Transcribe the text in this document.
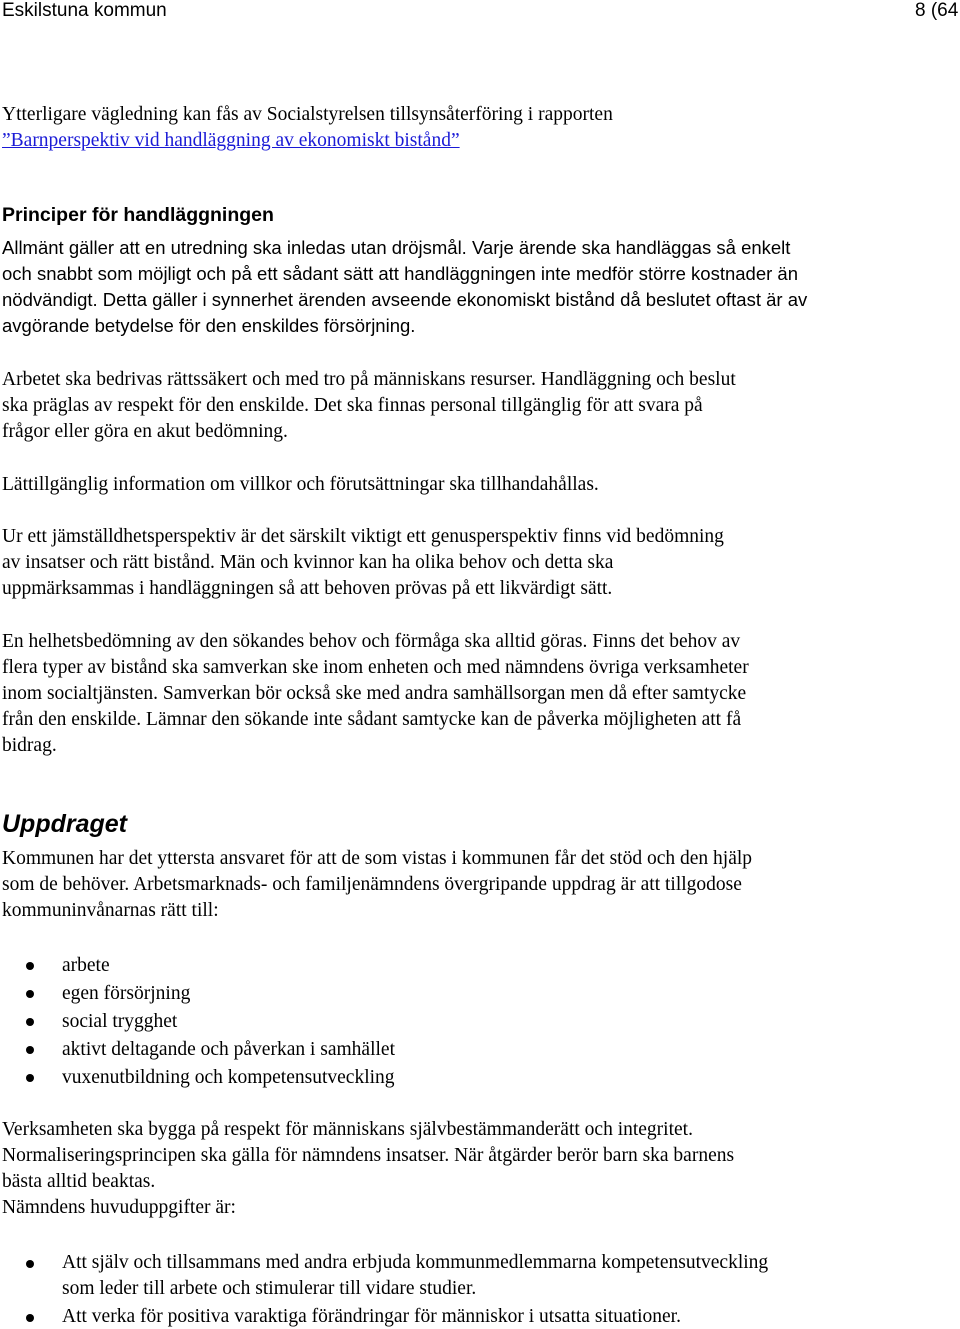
Eskilstuna kommun	8 (64
Ytterligare vägledning kan fås av Socialstyrelsen tillsynsåterföring i rapporten
”Barnperspektiv vid handläggning av ekonomiskt bistånd”
Principer för handläggningen
Allmänt gäller att en utredning ska inledas utan dröjsmål. Varje ärende ska handläggas så enkelt
och snabbt som möjligt och på ett sådant sätt att handläggningen inte medför större kostnader än
nödvändigt. Detta gäller i synnerhet ärenden avseende ekonomiskt bistånd då beslutet oftast är av
avgörande betydelse för den enskildes försörjning.
Arbetet ska bedrivas rättssäkert och med tro på människans resurser. Handläggning och beslut
ska präglas av respekt för den enskilde. Det ska finnas personal tillgänglig för att svara på
frågor eller göra en akut bedömning.
Lättillgänglig information om villkor och förutsättningar ska tillhandahållas.
Ur ett jämställdhetsperspektiv är det särskilt viktigt ett genusperspektiv finns vid bedömning
av insatser och rätt bistånd. Män och kvinnor kan ha olika behov och detta ska
uppmärksammas i handläggningen så att behoven prövas på ett likvärdigt sätt.
En helhetsbedömning av den sökandes behov och förmåga ska alltid göras. Finns det behov av
flera typer av bistånd ska samverkan ske inom enheten och med nämndens övriga verksamheter
inom socialtjänsten. Samverkan bör också ske med andra samhällsorgan men då efter samtycke
från den enskilde. Lämnar den sökande inte sådant samtycke kan de påverka möjligheten att få
bidrag.
Uppdraget
Kommunen har det yttersta ansvaret för att de som vistas i kommunen får det stöd och den hjälp
som de behöver. Arbetsmarknads- och familjenämndens övergripande uppdrag är att tillgodose
kommuninvånarnas rätt till:
arbete
egen försörjning
social trygghet
aktivt deltagande och påverkan i samhället
vuxenutbildning och kompetensutveckling
Verksamheten ska bygga på respekt för människans självbestämmanderätt och integritet.
Normaliseringsprincipen ska gälla för nämndens insatser. När åtgärder berör barn ska barnens
bästa alltid beaktas.
Nämndens huvuduppgifter är:
Att själv och tillsammans med andra erbjuda kommunmedlemmarna kompetensutveckling
som leder till arbete och stimulerar till vidare studier.
Att verka för positiva varaktiga förändringar för människor i utsatta situationer.
